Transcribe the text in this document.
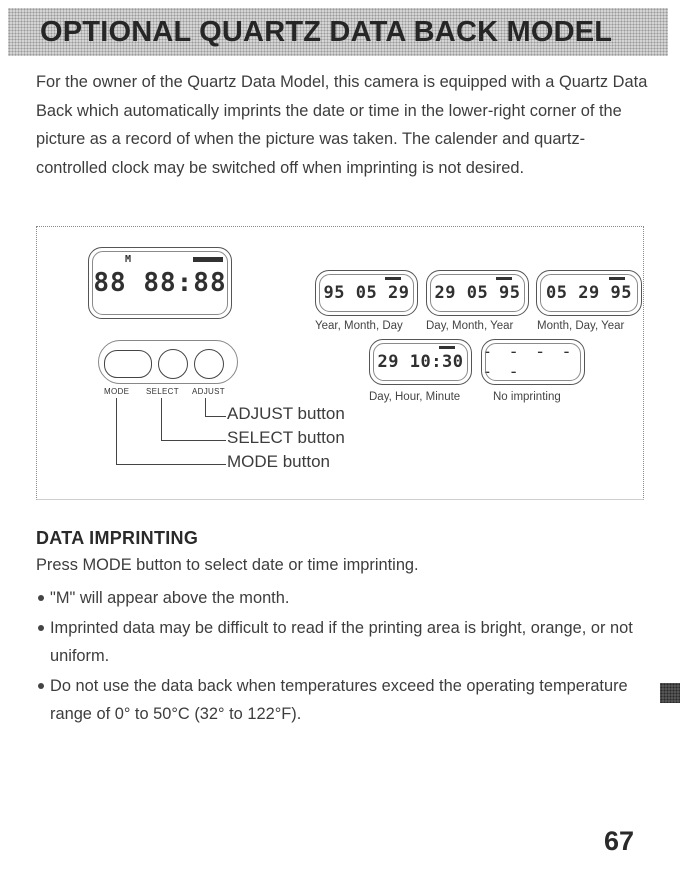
OPTIONAL QUARTZ DATA BACK MODEL

For the owner of the Quartz Data Model, this camera is equipped with a Quartz Data Back which automatically imprints the date or time in the lower-right corner of the picture as a record of when the picture was taken. The calender and quartz-controlled clock may be switched off when imprinting is not desired.

M
88 88:88	95 05 29 29 05 95 05 29 95
29 10:30 - - - - - -
Year, Month, Day Day, Month, Year Month, Day, Year
Day, Hour, Minute	No imprinting
MODE SELECT ADJUST
ADJUST button
SELECT button
MODE button
DATA IMPRINTING

Press MODE button to select date or time imprinting.

"M" will appear above the month.
Imprinted data may be difficult to read if the printing area is bright, orange, or not uniform.
Do not use the data back when temperatures exceed the operating temperature range of 0° to 50°C (32° to 122°F).
67
